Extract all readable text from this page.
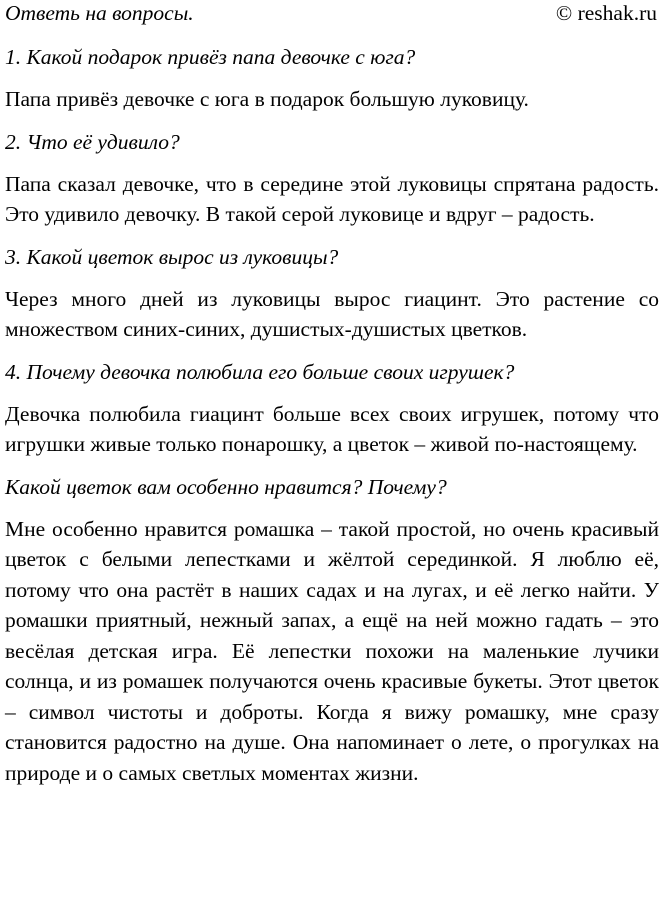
Ответь на вопросы.	© reshak.ru

1. Какой подарок привёз папа девочке с юга?

Папа привёз девочке с юга в подарок большую луковицу.

2. Что её удивило?

Папа сказал девочке, что в середине этой луковицы спрятана радость. Это удивило девочку. В такой серой луковице и вдруг – радость.

3. Какой цветок вырос из луковицы?

Через много дней из луковицы вырос гиацинт. Это растение со множеством синих-синих, душистых-душистых цветков.

4. Почему девочка полюбила его больше своих игрушек?

Девочка полюбила гиацинт больше всех своих игрушек, потому что игрушки живые только понарошку, а цветок – живой по-настоящему.

Какой цветок вам особенно нравится? Почему?

Мне особенно нравится ромашка – такой простой, но очень красивый цветок с белыми лепестками и жёлтой серединкой. Я люблю её, потому что она растёт в наших садах и на лугах, и её легко найти. У ромашки приятный, нежный запах, а ещё на ней можно гадать – это весёлая детская игра. Её лепестки похожи на маленькие лучики солнца, и из ромашек получаются очень красивые букеты. Этот цветок – символ чистоты и доброты. Когда я вижу ромашку, мне сразу становится радостно на душе. Она напоминает о лете, о прогулках на природе и о самых светлых моментах жизни.
